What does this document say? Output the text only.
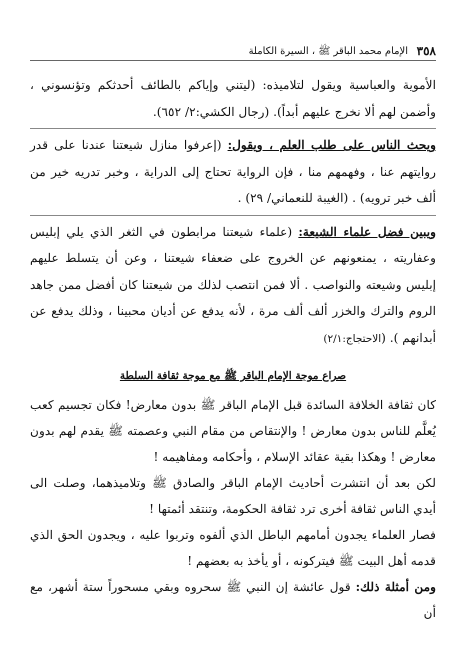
٣٥٨
الإمام محمد الباقر ﷺ ، السيرة الكاملة

الأموية والعباسية ويقول لتلاميذه: (ليتني وإياكم بالطائف أحدثكم وتؤنسوني ، وأضمن لهم ألا نخرج عليهم أبداً). (رجال الكشي:٢/ ٦٥٢).

ويحث الناس على طلب العلم ، ويقول: (إعرفوا منازل شيعتنا عندنا على قدر روايتهم عنا ، وفهمهم منا ، فإن الرواية تحتاج إلى الدراية ، وخبر تدريه خير من ألف خبر ترويه) . (الغيبة للنعماني/ ٢٩) .

ويبين فضل علماء الشيعة: (علماء شيعتنا مرابطون في الثغر الذي يلي إبليس وعفاريته ، يمنعونهم عن الخروج على ضعفاء شيعتنا ، وعن أن يتسلط عليهم إبليس وشيعته والنواصب . ألا فمن انتصب لذلك من شيعتنا كان أفضل ممن جاهد الروم والترك والخزر ألف ألف مرة ، لأنه يدفع عن أديان محبينا ، وذلك يدفع عن أبدانهم ). (الاحتجاج:٢/١)

صراع موجة الإمام الباقر ﷺ مع موجة ثقافة السلطة

كان ثقافة الخلافة السائدة قبل الإمام الباقر ﷺ بدون معارض! فكان تجسيم كعب يُعلَّم للناس بدون معارض ! والإنتقاص من مقام النبي وعصمته ﷺ يقدم لهم بدون معارض ! وهكذا بقية عقائد الإسلام ، وأحكامه ومفاهيمه !

لكن بعد أن انتشرت أحاديث الإمام الباقر والصادق ﷺ وتلاميذهما، وصلت الى أيدي الناس ثقافة أخرى ترد ثقافة الحكومة، وتنتقد أئمتها !

فصار العلماء يجدون أمامهم الباطل الذي ألفوه وتربوا عليه ، ويجدون الحق الذي قدمه أهل البيت ﷺ فيتركونه ، أو يأخذ به بعضهم !

ومن أمثلة ذلك: قول عائشة إن النبي ﷺ سحروه وبقي مسحوراً ستة أشهر، مع أن
